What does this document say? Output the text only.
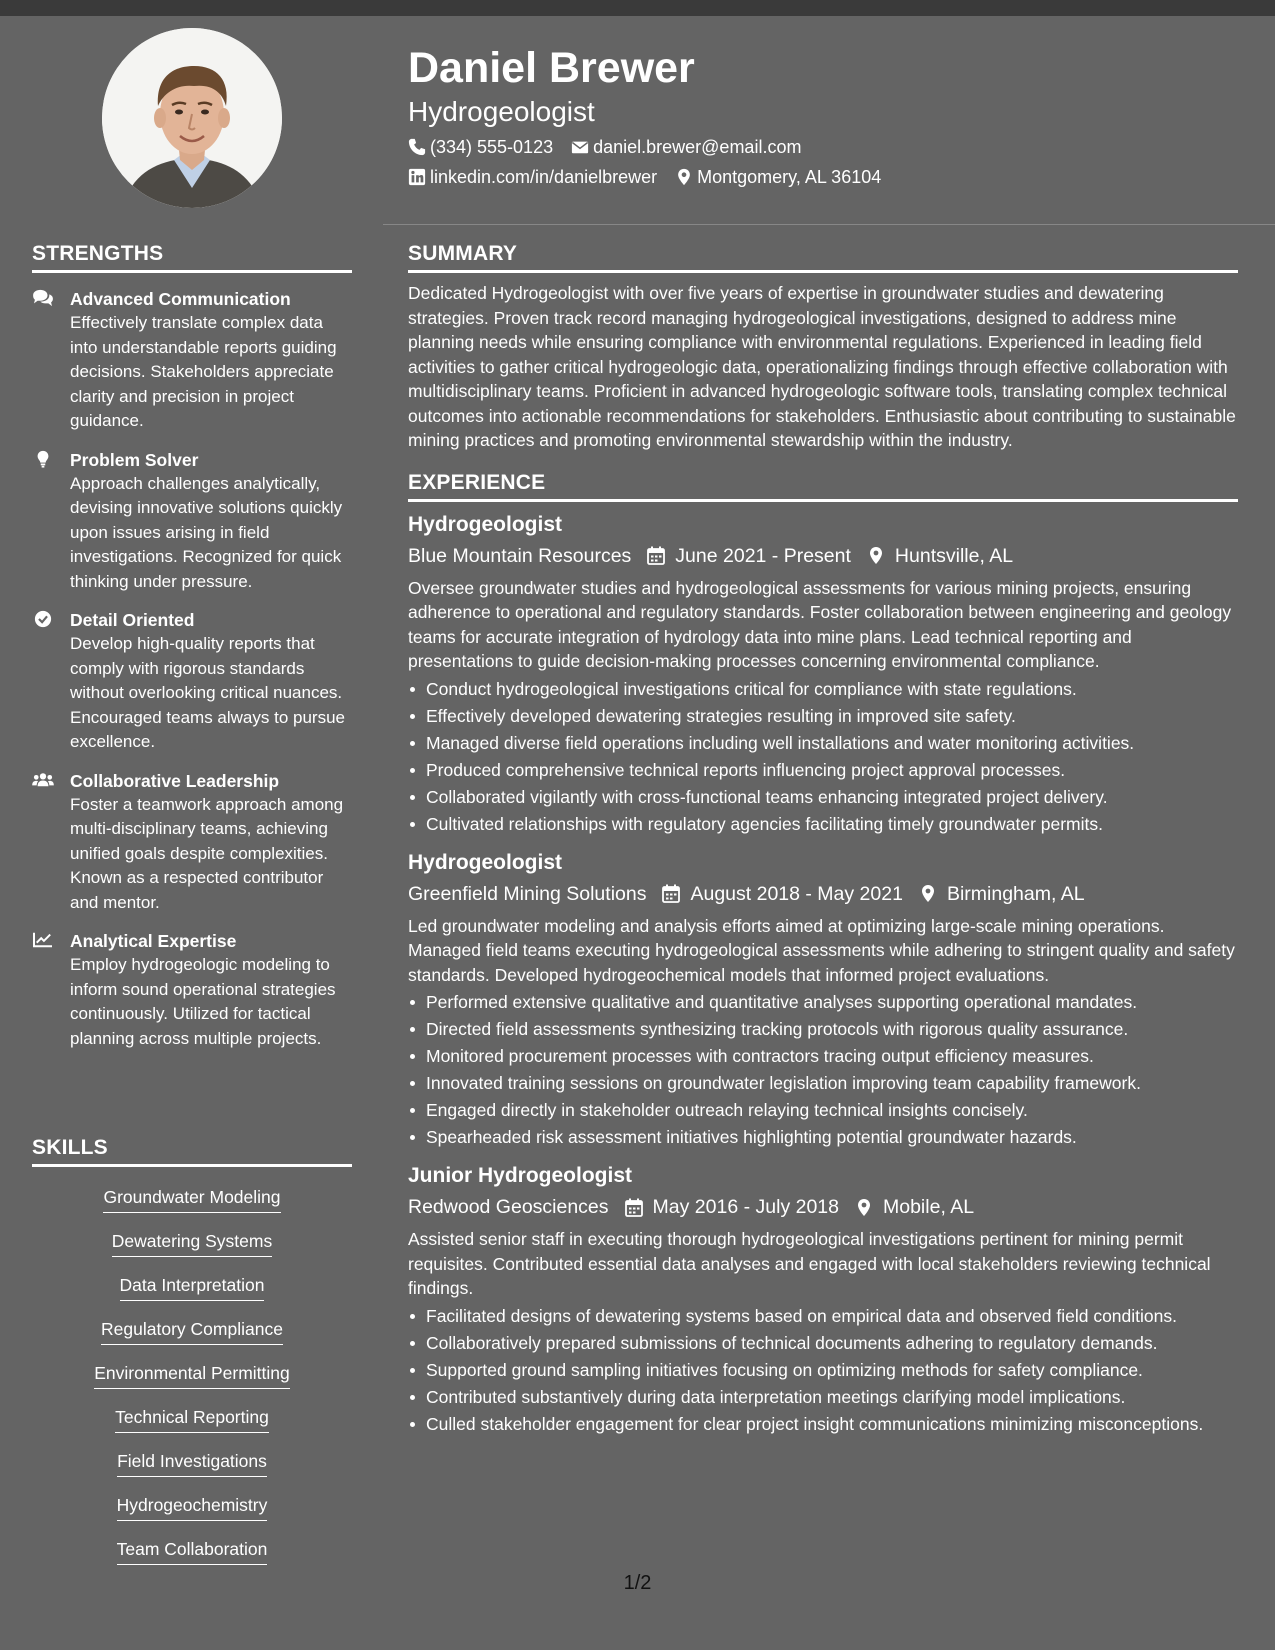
STRENGTHS
Advanced Communication
Effectively translate complex data into understandable reports guiding decisions. Stakeholders appreciate clarity and precision in project guidance.
Problem Solver
Approach challenges analytically, devising innovative solutions quickly upon issues arising in field investigations. Recognized for quick thinking under pressure.
Detail Oriented
Develop high-quality reports that comply with rigorous standards without overlooking critical nuances. Encouraged teams always to pursue excellence.
Collaborative Leadership
Foster a teamwork approach among multi-disciplinary teams, achieving unified goals despite complexities. Known as a respected contributor and mentor.
Analytical Expertise
Employ hydrogeologic modeling to inform sound operational strategies continuously. Utilized for tactical planning across multiple projects.
SKILLS
Groundwater Modeling
Dewatering Systems
Data Interpretation
Regulatory Compliance
Environmental Permitting
Technical Reporting
Field Investigations
Hydrogeochemistry
Team Collaboration
Daniel Brewer
Hydrogeologist
(334) 555-0123 daniel.brewer@email.com
linkedin.com/in/danielbrewer Montgomery, AL 36104
SUMMARY

Dedicated Hydrogeologist with over five years of expertise in groundwater studies and dewatering strategies. Proven track record managing hydrogeological investigations, designed to address mine planning needs while ensuring compliance with environmental regulations. Experienced in leading field activities to gather critical hydrogeologic data, operationalizing findings through effective collaboration with multidisciplinary teams. Proficient in advanced hydrogeologic software tools, translating complex technical outcomes into actionable recommendations for stakeholders. Enthusiastic about contributing to sustainable mining practices and promoting environmental stewardship within the industry.

EXPERIENCE
Hydrogeologist
Blue Mountain Resources June 2021 - Present Huntsville, AL
Oversee groundwater studies and hydrogeological assessments for various mining projects, ensuring adherence to operational and regulatory standards. Foster collaboration between engineering and geology teams for accurate integration of hydrology data into mine plans. Lead technical reporting and presentations to guide decision-making processes concerning environmental compliance.
Conduct hydrogeological investigations critical for compliance with state regulations.
Effectively developed dewatering strategies resulting in improved site safety.
Managed diverse field operations including well installations and water monitoring activities.
Produced comprehensive technical reports influencing project approval processes.
Collaborated vigilantly with cross-functional teams enhancing integrated project delivery.
Cultivated relationships with regulatory agencies facilitating timely groundwater permits.
Hydrogeologist
Greenfield Mining Solutions August 2018 - May 2021 Birmingham, AL
Led groundwater modeling and analysis efforts aimed at optimizing large-scale mining operations. Managed field teams executing hydrogeological assessments while adhering to stringent quality and safety standards. Developed hydrogeochemical models that informed project evaluations.
Performed extensive qualitative and quantitative analyses supporting operational mandates.
Directed field assessments synthesizing tracking protocols with rigorous quality assurance.
Monitored procurement processes with contractors tracing output efficiency measures.
Innovated training sessions on groundwater legislation improving team capability framework.
Engaged directly in stakeholder outreach relaying technical insights concisely.
Spearheaded risk assessment initiatives highlighting potential groundwater hazards.
Junior Hydrogeologist
Redwood Geosciences May 2016 - July 2018 Mobile, AL
Assisted senior staff in executing thorough hydrogeological investigations pertinent for mining permit requisites. Contributed essential data analyses and engaged with local stakeholders reviewing technical findings.
Facilitated designs of dewatering systems based on empirical data and observed field conditions.
Collaboratively prepared submissions of technical documents adhering to regulatory demands.
Supported ground sampling initiatives focusing on optimizing methods for safety compliance.
Contributed substantively during data interpretation meetings clarifying model implications.
Culled stakeholder engagement for clear project insight communications minimizing misconceptions.
1/2
